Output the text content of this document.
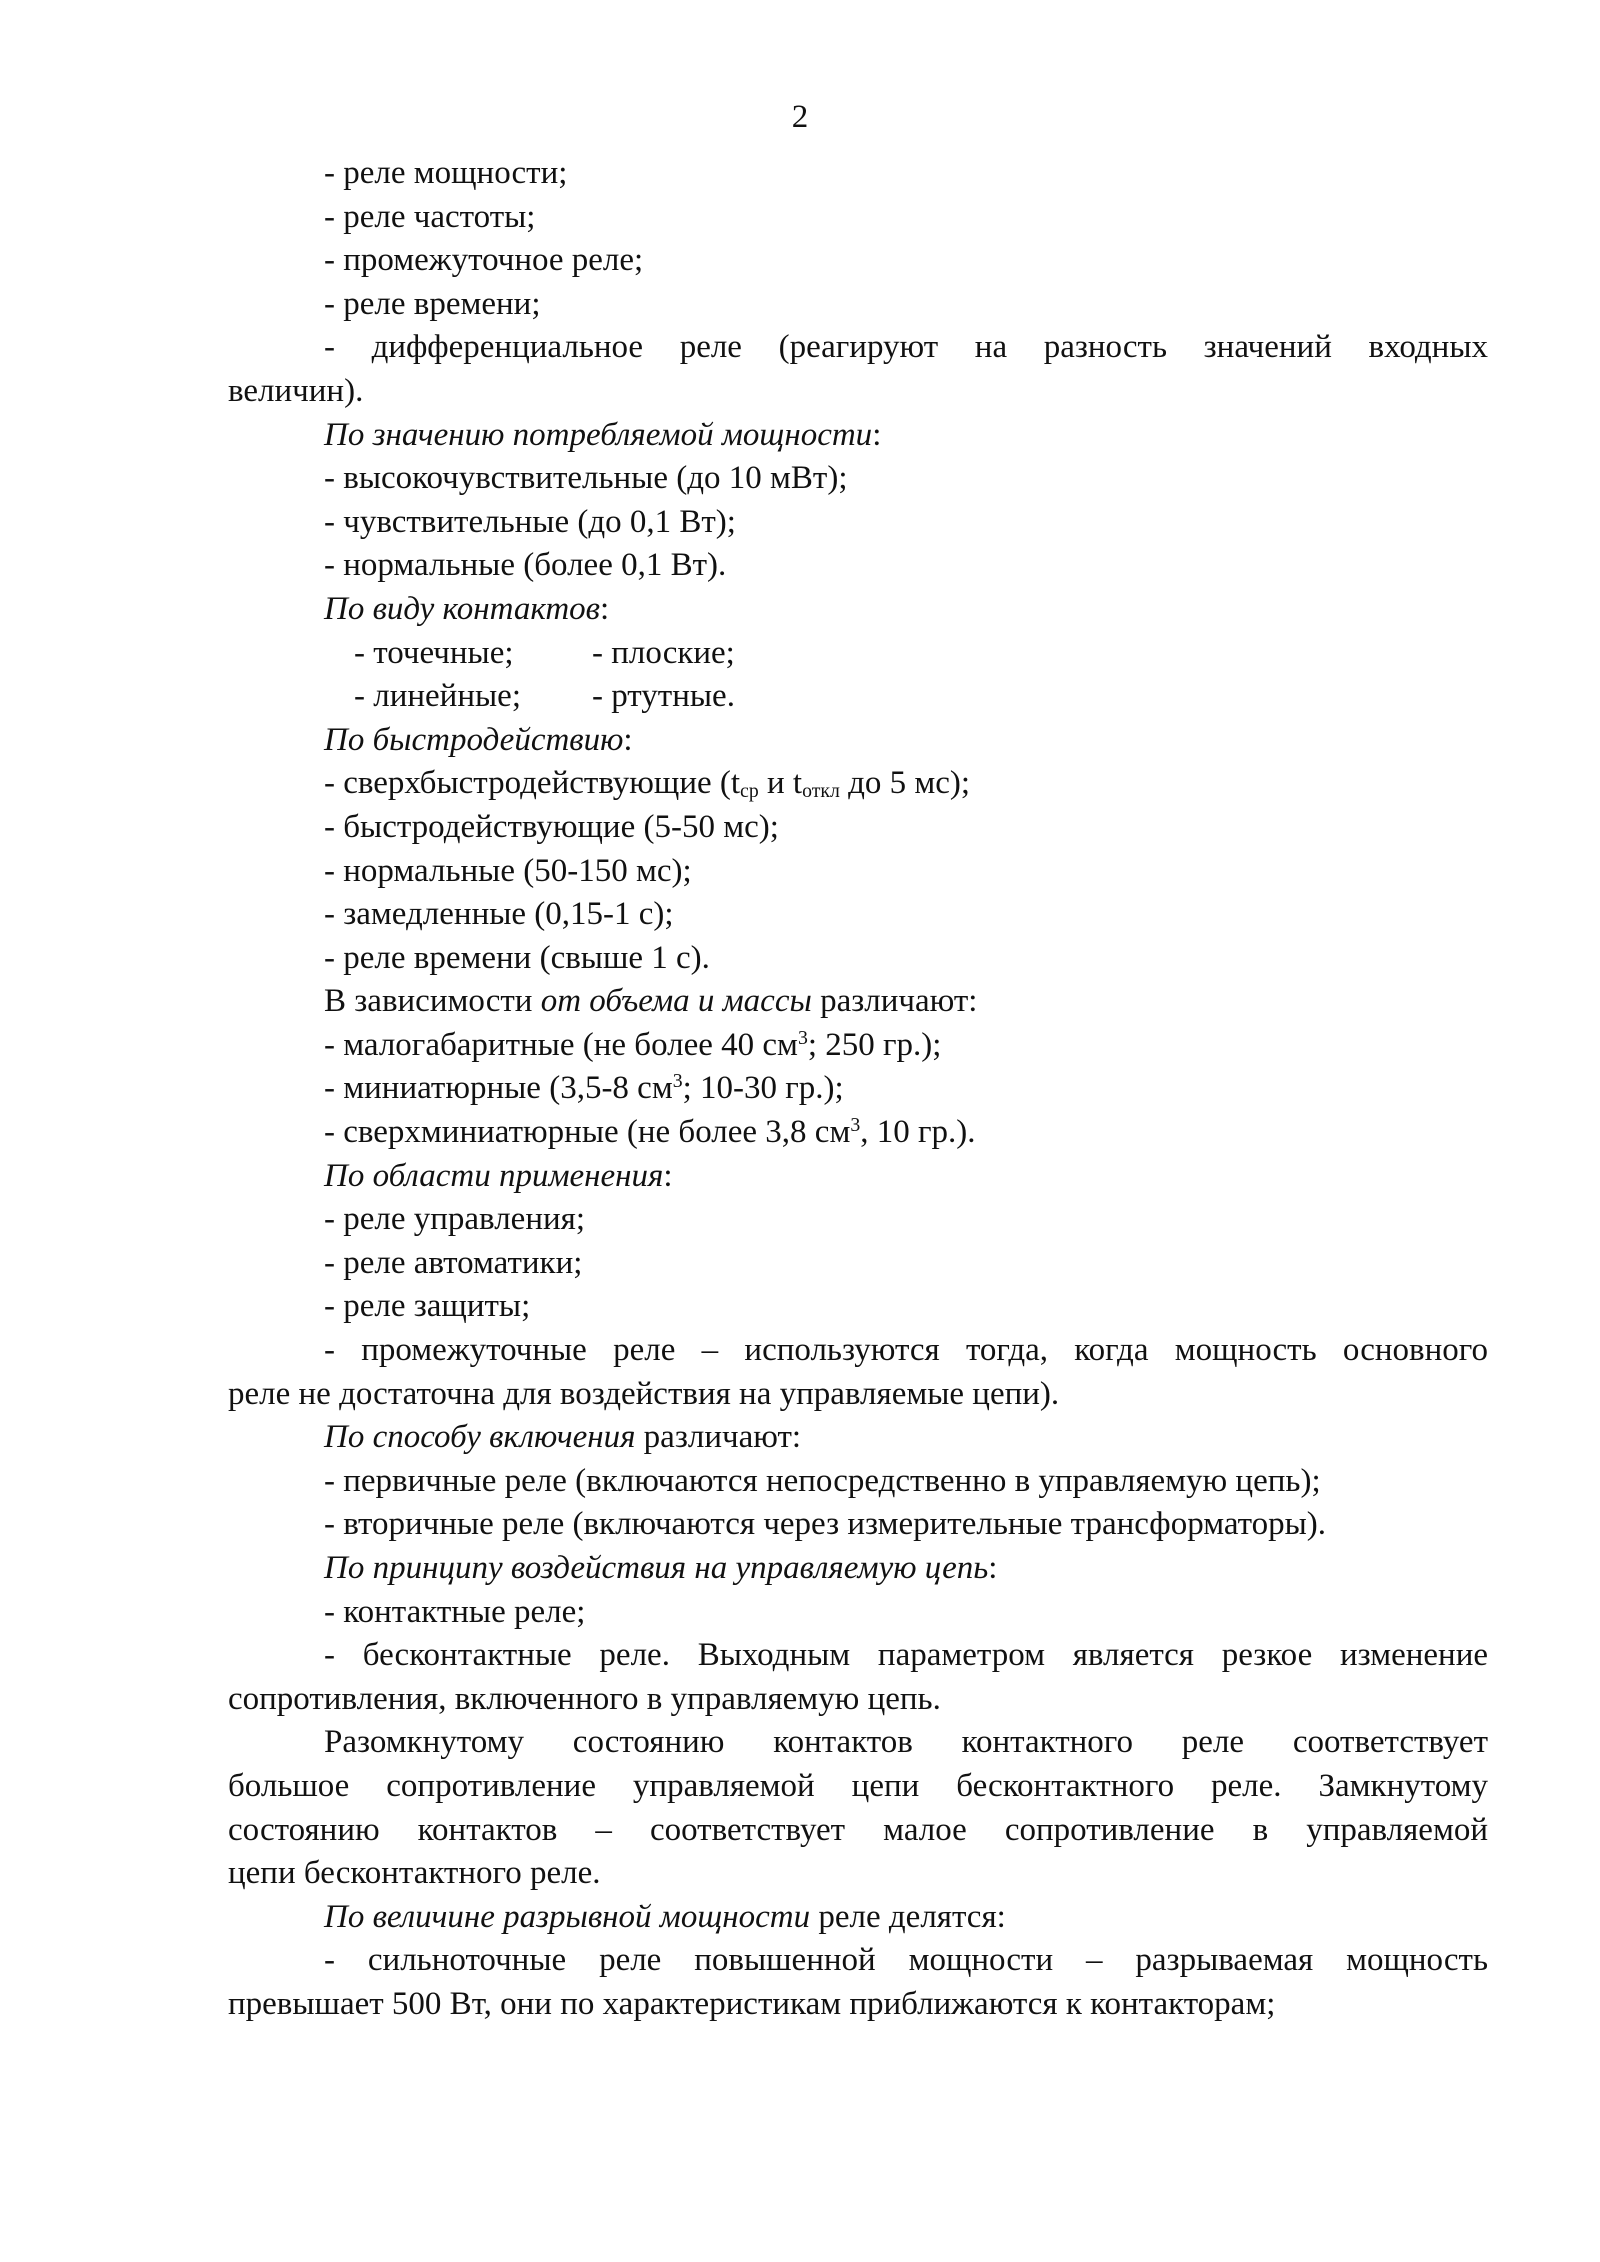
2
- реле мощности;
- реле частоты;
- промежуточное реле;
- реле времени;
- дифференциальное реле (реагируют на разность значений входных
величин).
По значению потребляемой мощности:
- высокочувствительные (до 10 мВт);
- чувствительные (до 0,1 Вт);
- нормальные (более 0,1 Вт).
По виду контактов:
- точечные; - плоские;
- линейные; - ртутные.
По быстродействию:
- сверхбыстродействующие ($t_{ср}$ и $t_{откл}$ до 5 мс);
- быстродействующие (5-50 мс);
- нормальные (50-150 мс);
- замедленные (0,15-1 с);
- реле времени (свыше 1 с).
В зависимости от объема и массы различают:
- малогабаритные (не более 40 $см^3$; 250 гр.);
- миниатюрные (3,5-8 $см^3$; 10-30 гр.);
- сверхминиатюрные (не более 3,8 $см^3$, 10 гр.).
По области применения:
- реле управления;
- реле автоматики;
- реле защиты;
- промежуточные реле – используются тогда, когда мощность основного
реле не достаточна для воздействия на управляемые цепи).
По способу включения различают:
- первичные реле (включаются непосредственно в управляемую цепь);
- вторичные реле (включаются через измерительные трансформаторы).
По принципу воздействия на управляемую цепь:
- контактные реле;
- бесконтактные реле. Выходным параметром является резкое изменение
сопротивления, включенного в управляемую цепь.
Разомкнутому состоянию контактов контактного реле соответствует
большое сопротивление управляемой цепи бесконтактного реле. Замкнутому
состоянию контактов – соответствует малое сопротивление в управляемой
цепи бесконтактного реле.
По величине разрывной мощности реле делятся:
- сильноточные реле повышенной мощности – разрываемая мощность
превышает 500 Вт, они по характеристикам приближаются к контакторам;
